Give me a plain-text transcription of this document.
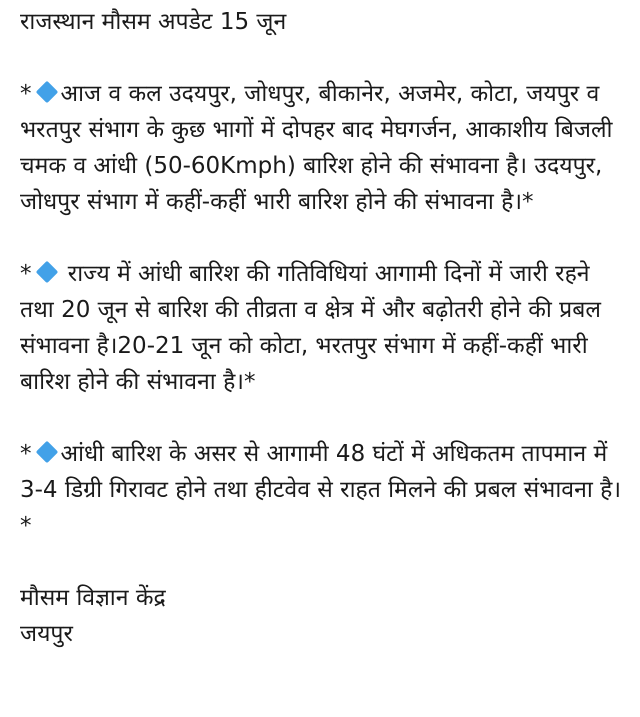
राजस्थान मौसम अपडेट 15 जून

* आज व कल उदयपुर, जोधपुर, बीकानेर, अजमेर, कोटा, जयपुर व भरतपुर संभाग के कुछ भागों में दोपहर बाद मेघगर्जन, आकाशीय बिजली चमक व आंधी (50-60Kmph) बारिश होने की संभावना है। उदयपुर, जोधपुर संभाग में कहीं-कहीं भारी बारिश होने की संभावना है।*

* राज्य में आंधी बारिश की गतिविधियां आगामी दिनों में जारी रहने तथा 20 जून से बारिश की तीव्रता व क्षेत्र में और बढ़ोतरी होने की प्रबल संभावना है।20-21 जून को कोटा, भरतपुर संभाग में कहीं-कहीं भारी बारिश होने की संभावना है।*

* आंधी बारिश के असर से आगामी 48 घंटों में अधिकतम तापमान में 3-4 डिग्री गिरावट होने तथा हीटवेव से राहत मिलने की प्रबल संभावना है।*

मौसम विज्ञान केंद्र
जयपुर
